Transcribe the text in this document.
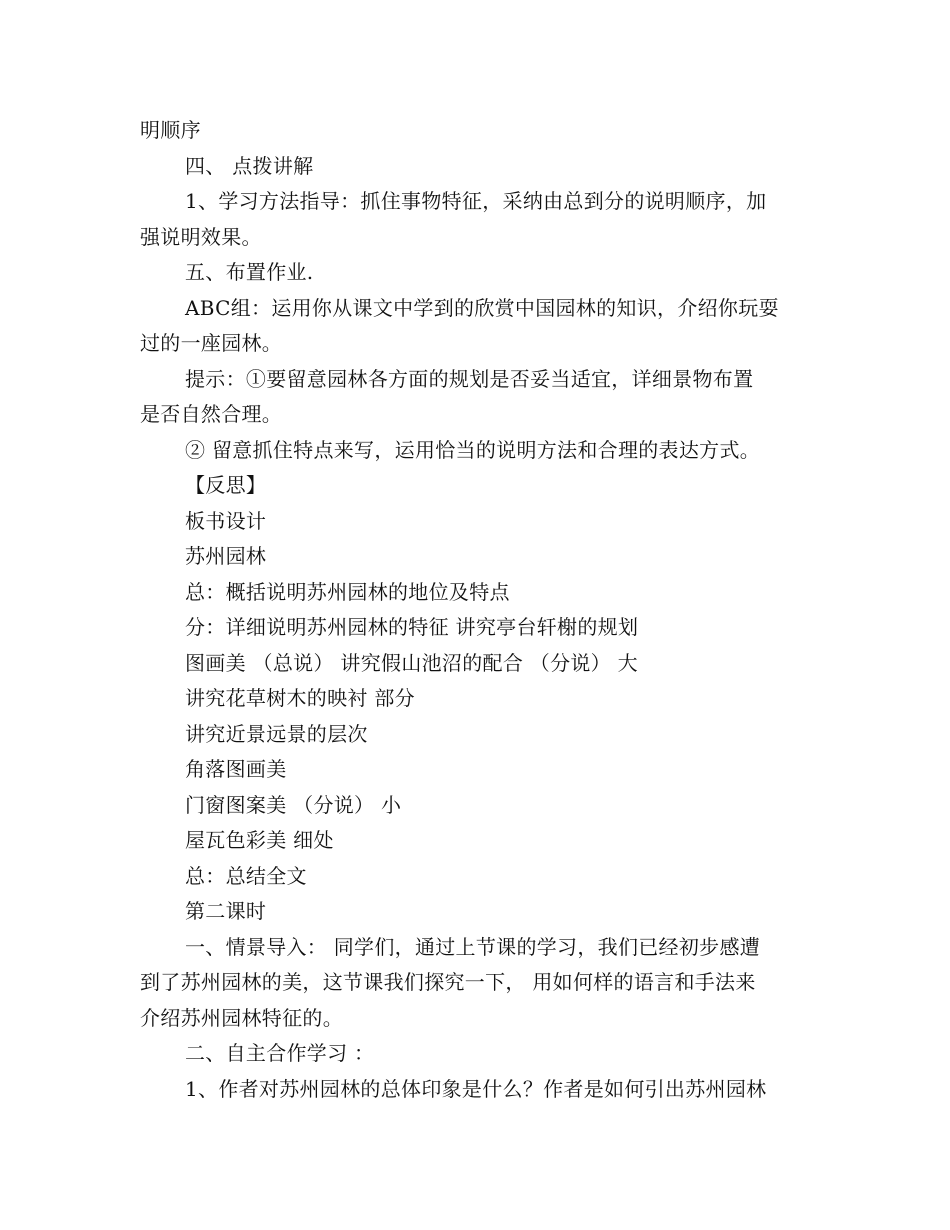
明顺序
四、 点拨讲解
1、学习方法指导：抓住事物特征，采纳由总到分的说明顺序，加
强说明效果。
五、布置作业.
ABC组：运用你从课文中学到的欣赏中国园林的知识，介绍你玩耍
过的一座园林。
提示：①要留意园林各方面的规划是否妥当适宜，详细景物布置
是否自然合理。
② 留意抓住特点来写，运用恰当的说明方法和合理的表达方式。
【反思】
板书设计
苏州园林
总：概括说明苏州园林的地位及特点
分：详细说明苏州园林的特征 讲究亭台轩榭的规划
图画美 （总说） 讲究假山池沼的配合 （分说） 大
讲究花草树木的映衬 部分
讲究近景远景的层次
角落图画美
门窗图案美 （分说） 小
屋瓦色彩美 细处
总：总结全文
第二课时
一、情景导入： 同学们，通过上节课的学习，我们已经初步感遭
到了苏州园林的美，这节课我们探究一下， 用如何样的语言和手法来
介绍苏州园林特征的。
二、自主合作学习 ：
1、作者对苏州园林的总体印象是什么？作者是如何引出苏州园林
